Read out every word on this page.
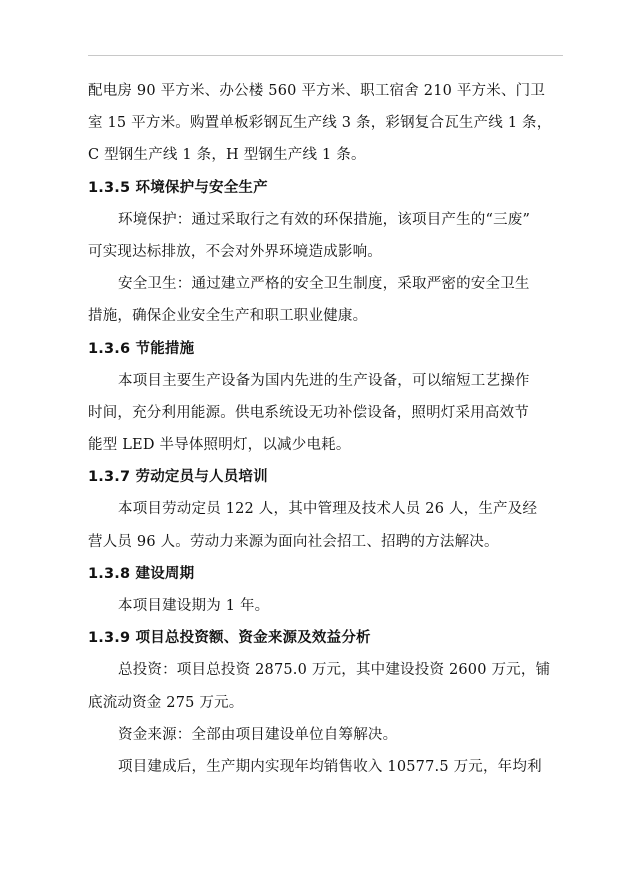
配电房 90 平方米、办公楼 560 平方米、职工宿舍 210 平方米、门卫
室 15 平方米。购置单板彩钢瓦生产线 3 条，彩钢复合瓦生产线 1 条，
C 型钢生产线 1 条，H 型钢生产线 1 条。
1.3.5 环境保护与安全生产
环境保护：通过采取行之有效的环保措施，该项目产生的“三废”
可实现达标排放，不会对外界环境造成影响。
安全卫生：通过建立严格的安全卫生制度，采取严密的安全卫生
措施，确保企业安全生产和职工职业健康。
1.3.6 节能措施
本项目主要生产设备为国内先进的生产设备，可以缩短工艺操作
时间，充分利用能源。供电系统设无功补偿设备，照明灯采用高效节
能型 LED 半导体照明灯，以减少电耗。
1.3.7 劳动定员与人员培训
本项目劳动定员 122 人，其中管理及技术人员 26 人，生产及经
营人员 96 人。劳动力来源为面向社会招工、招聘的方法解决。
1.3.8 建设周期
本项目建设期为 1 年。
1.3.9 项目总投资额、资金来源及效益分析
总投资：项目总投资 2875.0 万元，其中建设投资 2600 万元，铺
底流动资金 275 万元。
资金来源：全部由项目建设单位自筹解决。
项目建成后，生产期内实现年均销售收入 10577.5 万元，年均利
